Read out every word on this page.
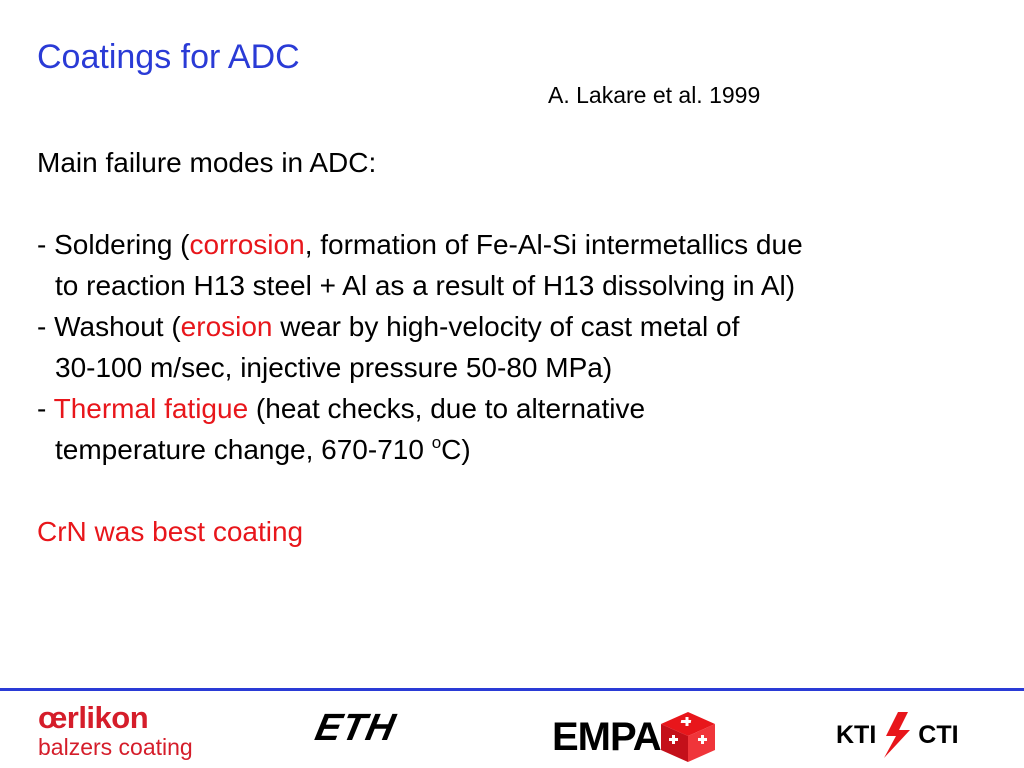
Coatings for ADC
A. Lakare et al. 1999
Main failure modes in ADC:
- Soldering (corrosion, formation of Fe-Al-Si intermetallics due
to reaction H13 steel + Al as a result of H13 dissolving in Al)
- Washout (erosion wear by high-velocity of cast metal of
30-100 m/sec, injective pressure 50-80 MPa)
- Thermal fatigue (heat checks, due to alternative
temperature change, 670-710 $^o$C)
CrN was best coating
œrlikon
balzers coating	ETH	EMPA	KTI CTI
